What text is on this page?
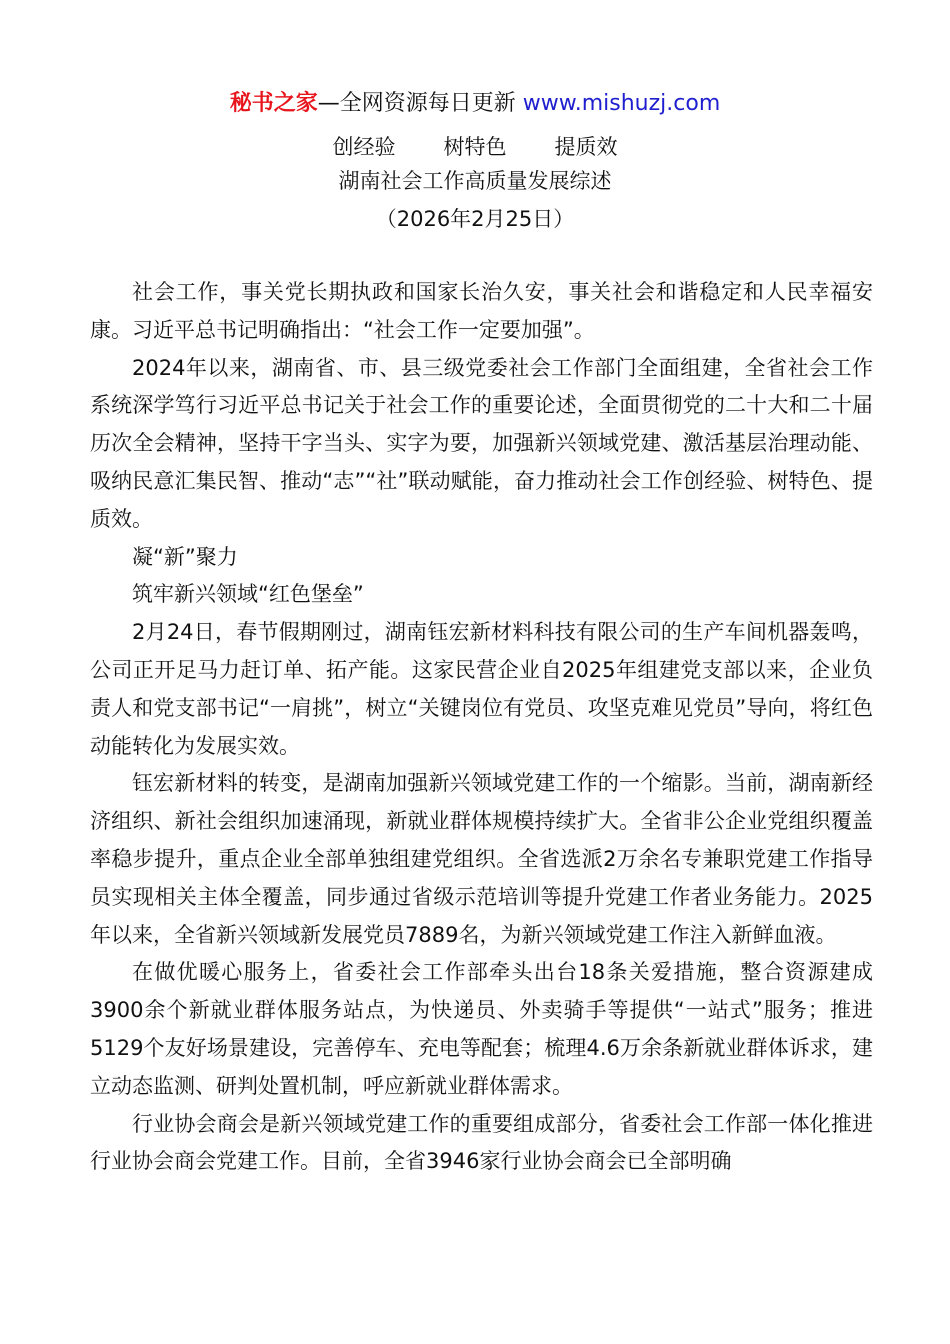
秘书之家—全网资源每日更新 www.mishuzj.com
创经验 树特色 提质效
湖南社会工作高质量发展综述
（2026年2月25日）

社会工作，事关党长期执政和国家长治久安，事关社会和谐稳定和人民幸福安康。习近平总书记明确指出：“社会工作一定要加强”。

2024年以来，湖南省、市、县三级党委社会工作部门全面组建，全省社会工作系统深学笃行习近平总书记关于社会工作的重要论述，全面贯彻党的二十大和二十届历次全会精神，坚持干字当头、实字为要，加强新兴领域党建、激活基层治理动能、吸纳民意汇集民智、推动“志”“社”联动赋能，奋力推动社会工作创经验、树特色、提质效。

凝“新”聚力

筑牢新兴领域“红色堡垒”

2月24日，春节假期刚过，湖南钰宏新材料科技有限公司的生产车间机器轰鸣，公司正开足马力赶订单、拓产能。这家民营企业自2025年组建党支部以来，企业负责人和党支部书记“一肩挑”，树立“关键岗位有党员、攻坚克难见党员”导向，将红色动能转化为发展实效。

钰宏新材料的转变，是湖南加强新兴领域党建工作的一个缩影。当前，湖南新经济组织、新社会组织加速涌现，新就业群体规模持续扩大。全省非公企业党组织覆盖率稳步提升，重点企业全部单独组建党组织。全省选派2万余名专兼职党建工作指导员实现相关主体全覆盖，同步通过省级示范培训等提升党建工作者业务能力。2025年以来，全省新兴领域新发展党员7889名，为新兴领域党建工作注入新鲜血液。

在做优暖心服务上，省委社会工作部牵头出台18条关爱措施，整合资源建成3900余个新就业群体服务站点，为快递员、外卖骑手等提供“一站式”服务；推进5129个友好场景建设，完善停车、充电等配套；梳理4.6万余条新就业群体诉求，建立动态监测、研判处置机制，呼应新就业群体需求。

行业协会商会是新兴领域党建工作的重要组成部分，省委社会工作部一体化推进行业协会商会党建工作。目前，全省3946家行业协会商会已全部明确
